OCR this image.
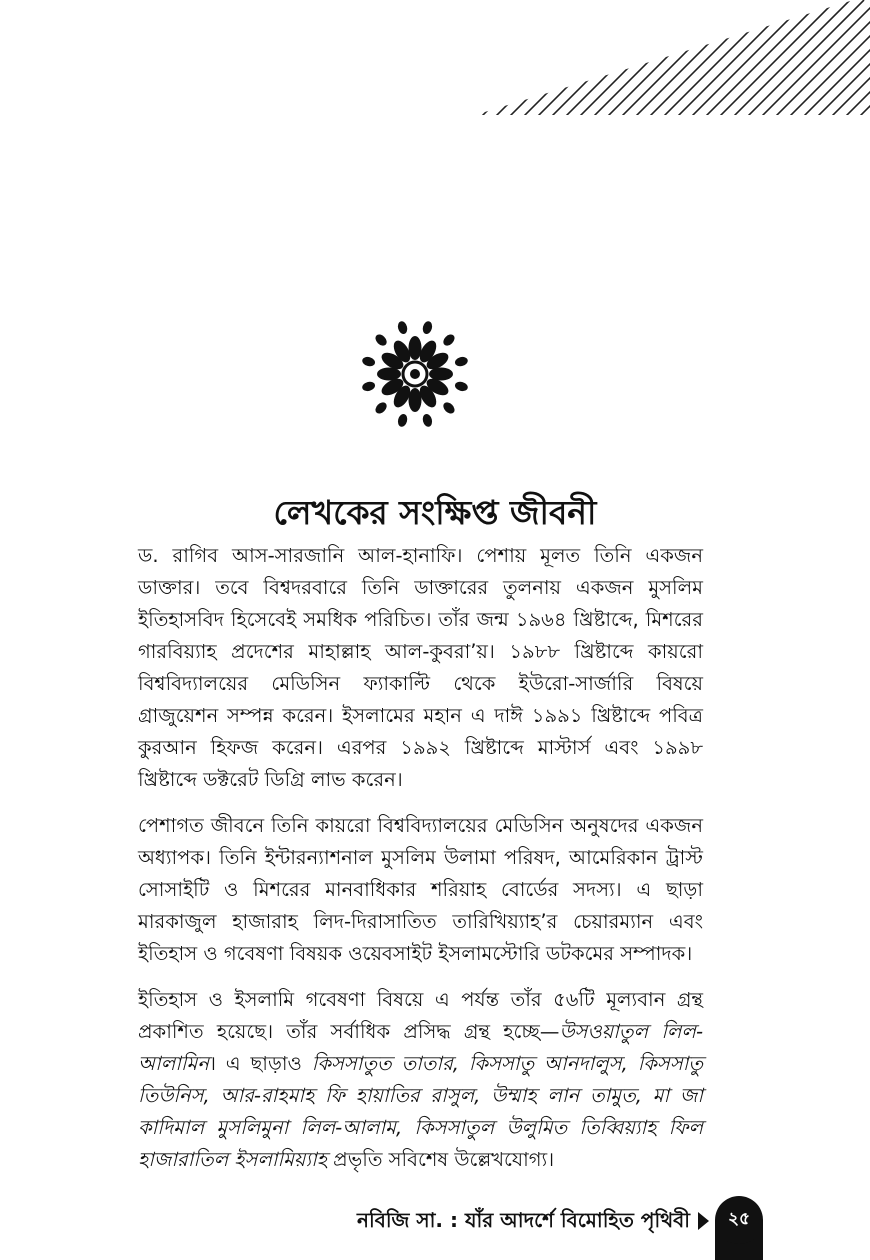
লেখকের সংক্ষিপ্ত জীবনী

ড. রাগিব আস-সারজানি আল-হানাফি। পেশায় মূলত তিনি একজন ডাক্তার। তবে বিশ্বদরবারে তিনি ডাক্তারের তুলনায় একজন মুসলিম ইতিহাসবিদ হিসেবেই সমধিক পরিচিত। তাঁর জন্ম ১৯৬৪ খ্রিষ্টাব্দে, মিশরের গারবিয়্যাহ প্রদেশের মাহাল্লাহ আল-কুবরা’য়। ১৯৮৮ খ্রিষ্টাব্দে কায়রো বিশ্ববিদ্যালয়ের মেডিসিন ফ্যাকাল্টি থেকে ইউরো-সার্জারি বিষয়ে গ্রাজুয়েশন সম্পন্ন করেন। ইসলামের মহান এ দাঈ ১৯৯১ খ্রিষ্টাব্দে পবিত্র কুরআন হিফজ করেন। এরপর ১৯৯২ খ্রিষ্টাব্দে মাস্টার্স এবং ১৯৯৮ খ্রিষ্টাব্দে ডক্টরেট ডিগ্রি লাভ করেন।

পেশাগত জীবনে তিনি কায়রো বিশ্ববিদ্যালয়ের মেডিসিন অনুষদের একজন অধ্যাপক। তিনি ইন্টারন্যাশনাল মুসলিম উলামা পরিষদ, আমেরিকান ট্রাস্ট সোসাইটি ও মিশরের মানবাধিকার শরিয়াহ বোর্ডের সদস্য। এ ছাড়া মারকাজুল হাজারাহ লিদ-দিরাসাতিত তারিখিয়্যাহ’র চেয়ারম্যান এবং ইতিহাস ও গবেষণা বিষয়ক ওয়েবসাইট ইসলামস্টোরি ডটকমের সম্পাদক।

ইতিহাস ও ইসলামি গবেষণা বিষয়ে এ পর্যন্ত তাঁর ৫৬টি মূল্যবান গ্রন্থ প্রকাশিত হয়েছে। তাঁর সর্বাধিক প্রসিদ্ধ গ্রন্থ হচ্ছে—উসওয়াতুল লিল-আলামিন। এ ছাড়াও কিসসাতুত তাতার, কিসসাতু আনদালুস, কিসসাতু তিউনিস, আর-রাহমাহ ফি হায়াতির রাসুল, উম্মাহ লান তামুত, মা জা কাদিমাল মুসলিমুনা লিল-আলাম, কিসসাতুল উলুমিত তিব্বিয়্যাহ ফিল হাজারাতিল ইসলামিয়্যাহ প্রভৃতি সবিশেষ উল্লেখযোগ্য।

নবিজি সা. : যাঁর আদর্শে বিমোহিত পৃথিবী	২৫
